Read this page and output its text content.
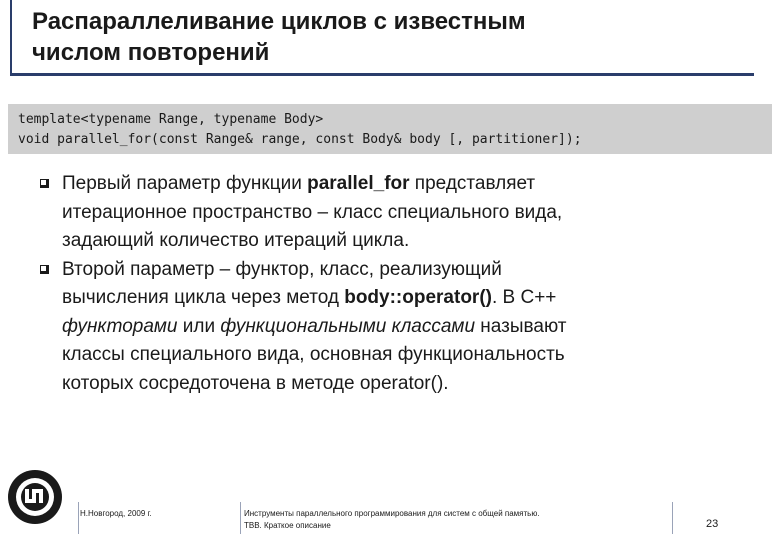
Распараллеливание циклов с известным
числом повторений
template<typename Range, typename Body>
void parallel_for(const Range& range, const Body& body [, partitioner]);

Первый параметр функции parallel_for представляет
итерационное пространство – класс специального вида,
задающий количество итераций цикла.

Второй параметр – функтор, класс, реализующий
вычисления цикла через метод body::operator(). В С++
функторами или функциональными классами называют
классы специального вида, основная функциональность
которых сосредоточена в методе operator().

Н.Новгород, 2009 г.	Инструменты параллельного программирования для систем с общей памятью.
TBB. Краткое описание	23
